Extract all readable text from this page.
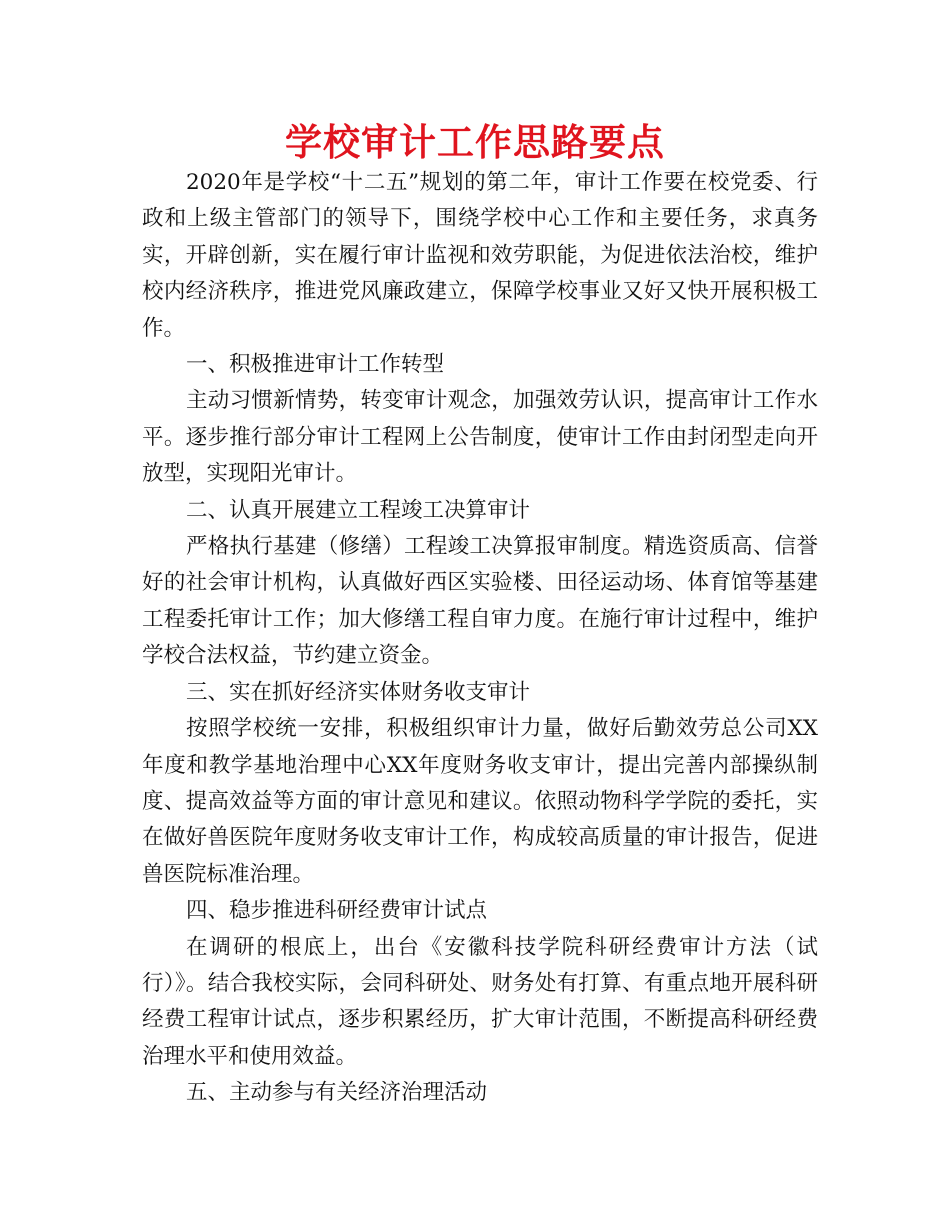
学校审计工作思路要点

2020年是学校“十二五”规划的第二年，审计工作要在校党委、行政和上级主管部门的领导下，围绕学校中心工作和主要任务，求真务实，开辟创新，实在履行审计监视和效劳职能，为促进依法治校，维护校内经济秩序，推进党风廉政建立，保障学校事业又好又快开展积极工作。

一、积极推进审计工作转型

主动习惯新情势，转变审计观念，加强效劳认识，提高审计工作水平。逐步推行部分审计工程网上公告制度，使审计工作由封闭型走向开放型，实现阳光审计。

二、认真开展建立工程竣工决算审计

严格执行基建（修缮）工程竣工决算报审制度。精选资质高、信誉好的社会审计机构，认真做好西区实验楼、田径运动场、体育馆等基建工程委托审计工作；加大修缮工程自审力度。在施行审计过程中，维护学校合法权益，节约建立资金。

三、实在抓好经济实体财务收支审计

按照学校统一安排，积极组织审计力量，做好后勤效劳总公司XX年度和教学基地治理中心XX年度财务收支审计，提出完善内部操纵制度、提高效益等方面的审计意见和建议。依照动物科学学院的委托，实在做好兽医院年度财务收支审计工作，构成较高质量的审计报告，促进兽医院标准治理。

四、稳步推进科研经费审计试点

在调研的根底上，出台《安徽科技学院科研经费审计方法（试行）》。结合我校实际，会同科研处、财务处有打算、有重点地开展科研经费工程审计试点，逐步积累经历，扩大审计范围，不断提高科研经费治理水平和使用效益。

五、主动参与有关经济治理活动
